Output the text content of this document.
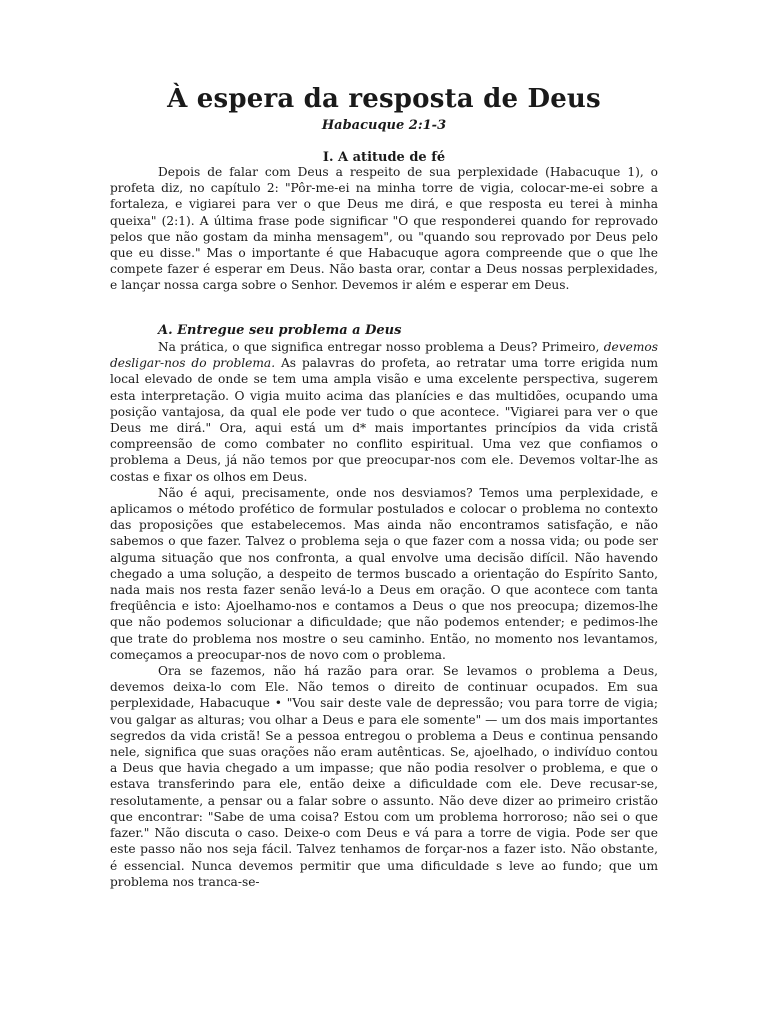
À espera da resposta de Deus
Habacuque 2:1-3
I. A atitude de fé

Depois de falar com Deus a respeito de sua perplexidade (Habacuque 1), o profeta diz, no capítulo 2: "Pôr-me-ei na minha torre de vigia, colocar-me-ei sobre a fortaleza, e vigiarei para ver o que Deus me dirá, e que resposta eu terei à minha queixa" (2:1). A última frase pode significar "O que responderei quando for reprovado pelos que não gostam da minha mensagem", ou "quando sou reprovado por Deus pelo que eu disse." Mas o importante é que Habacuque agora compreende que o que lhe compete fazer é esperar em Deus. Não basta orar, contar a Deus nossas perplexidades, e lançar nossa carga sobre o Senhor. Devemos ir além e esperar em Deus.

A. Entregue seu problema a Deus

Na prática, o que significa entregar nosso problema a Deus? Primeiro, devemos desligar-nos do problema. As palavras do profeta, ao retratar uma torre erigida num local elevado de onde se tem uma ampla visão e uma excelente perspectiva, sugerem esta interpretação. O vigia muito acima das planícies e das multidões, ocupando uma posição vantajosa, da qual ele pode ver tudo o que acontece. "Vigiarei para ver o que Deus me dirá." Ora, aqui está um d* mais importantes princípios da vida cristã compreensão de como combater no conflito espiritual. Uma vez que confiamos o problema a Deus, já não temos por que preocupar-nos com ele. Devemos voltar-lhe as costas e fixar os olhos em Deus.

Não é aqui, precisamente, onde nos desviamos? Temos uma perplexidade, e aplicamos o método profético de formular postulados e colocar o problema no contexto das proposições que estabelecemos. Mas ainda não encontramos satisfação, e não sabemos o que fazer. Talvez o problema seja o que fazer com a nossa vida; ou pode ser alguma situação que nos confronta, a qual envolve uma decisão difícil. Não havendo chegado a uma solução, a despeito de termos buscado a orientação do Espírito Santo, nada mais nos resta fazer senão levá-lo a Deus em oração. O que acontece com tanta freqüência e isto: Ajoelhamo-nos e contamos a Deus o que nos preocupa; dizemos-lhe que não podemos solucionar a dificuldade; que não podemos entender; e pedimos-lhe que trate do problema nos mostre o seu caminho. Então, no momento nos levantamos, começamos a preocupar-nos de novo com o problema.

Ora se fazemos, não há razão para orar. Se levamos o problema a Deus, devemos deixa-lo com Ele. Não temos o direito de continuar ocupados. Em sua perplexidade, Habacuque • "Vou sair deste vale de depressão; vou para torre de vigia; vou galgar as alturas; vou olhar a Deus e para ele somente" — um dos mais importantes segredos da vida cristã! Se a pessoa entregou o problema a Deus e continua pensando nele, significa que suas orações não eram autênticas. Se, ajoelhado, o indivíduo contou a Deus que havia chegado a um impasse; que não podia resolver o problema, e que o estava transferindo para ele, então deixe a dificuldade com ele. Deve recusar-se, resolutamente, a pensar ou a falar sobre o assunto. Não deve dizer ao primeiro cristão que encontrar: "Sabe de uma coisa? Estou com um problema horroroso; não sei o que fazer." Não discuta o caso. Deixe-o com Deus e vá para a torre de vigia. Pode ser que este passo não nos seja fácil. Talvez tenhamos de forçar-nos a fazer isto. Não obstante, é essencial. Nunca devemos permitir que uma dificuldade s leve ao fundo; que um problema nos tranca-se-
